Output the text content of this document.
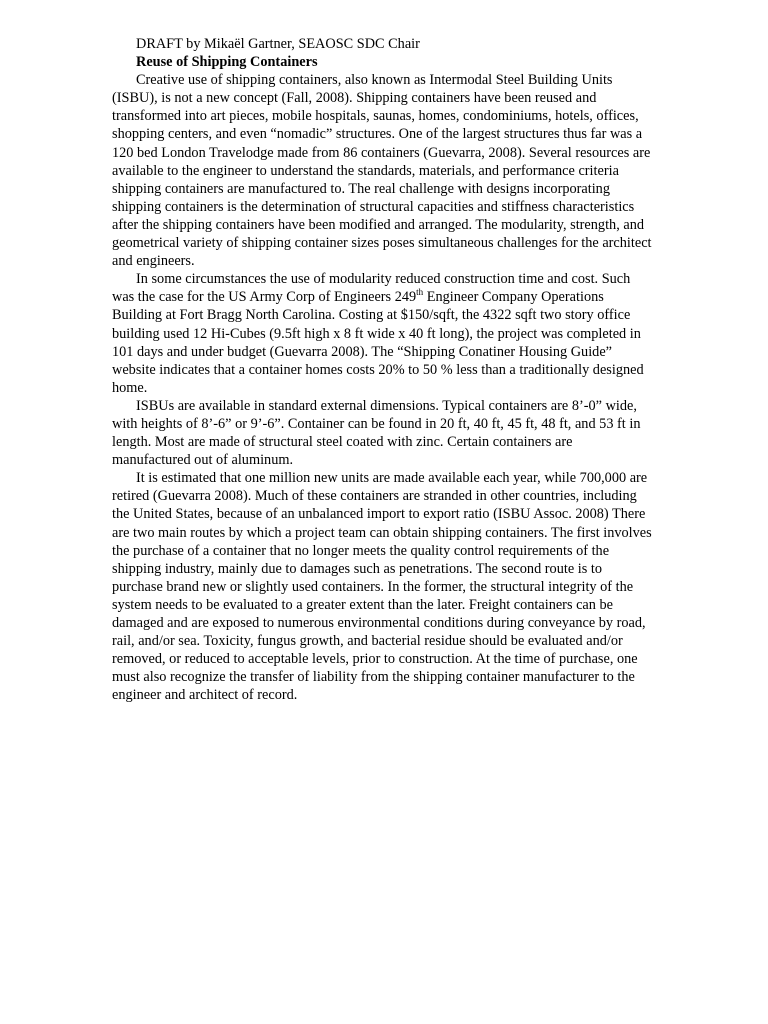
DRAFT by Mikaël Gartner, SEAOSC SDC Chair

Reuse of Shipping Containers

Creative use of shipping containers, also known as Intermodal Steel Building Units (ISBU), is not a new concept (Fall, 2008). Shipping containers have been reused and transformed into art pieces, mobile hospitals, saunas, homes, condominiums, hotels, offices, shopping centers, and even “nomadic” structures. One of the largest structures thus far was a 120 bed London Travelodge made from 86 containers (Guevarra, 2008). Several resources are available to the engineer to understand the standards, materials, and performance criteria shipping containers are manufactured to. The real challenge with designs incorporating shipping containers is the determination of structural capacities and stiffness characteristics after the shipping containers have been modified and arranged. The modularity, strength, and geometrical variety of shipping container sizes poses simultaneous challenges for the architect and engineers.

In some circumstances the use of modularity reduced construction time and cost. Such was the case for the US Army Corp of Engineers 249th Engineer Company Operations Building at Fort Bragg North Carolina. Costing at $150/sqft, the 4322 sqft two story office building used 12 Hi-Cubes (9.5ft high x 8 ft wide x 40 ft long), the project was completed in 101 days and under budget (Guevarra 2008). The “Shipping Conatiner Housing Guide” website indicates that a container homes costs 20% to 50 % less than a traditionally designed home.

ISBUs are available in standard external dimensions. Typical containers are 8’-0” wide, with heights of 8’-6” or 9’-6”. Container can be found in 20 ft, 40 ft, 45 ft, 48 ft, and 53 ft in length. Most are made of structural steel coated with zinc. Certain containers are manufactured out of aluminum.

It is estimated that one million new units are made available each year, while 700,000 are retired (Guevarra 2008). Much of these containers are stranded in other countries, including the United States, because of an unbalanced import to export ratio (ISBU Assoc. 2008) There are two main routes by which a project team can obtain shipping containers. The first involves the purchase of a container that no longer meets the quality control requirements of the shipping industry, mainly due to damages such as penetrations. The second route is to purchase brand new or slightly used containers. In the former, the structural integrity of the system needs to be evaluated to a greater extent than the later. Freight containers can be damaged and are exposed to numerous environmental conditions during conveyance by road, rail, and/or sea. Toxicity, fungus growth, and bacterial residue should be evaluated and/or removed, or reduced to acceptable levels, prior to construction. At the time of purchase, one must also recognize the transfer of liability from the shipping container manufacturer to the engineer and architect of record.
